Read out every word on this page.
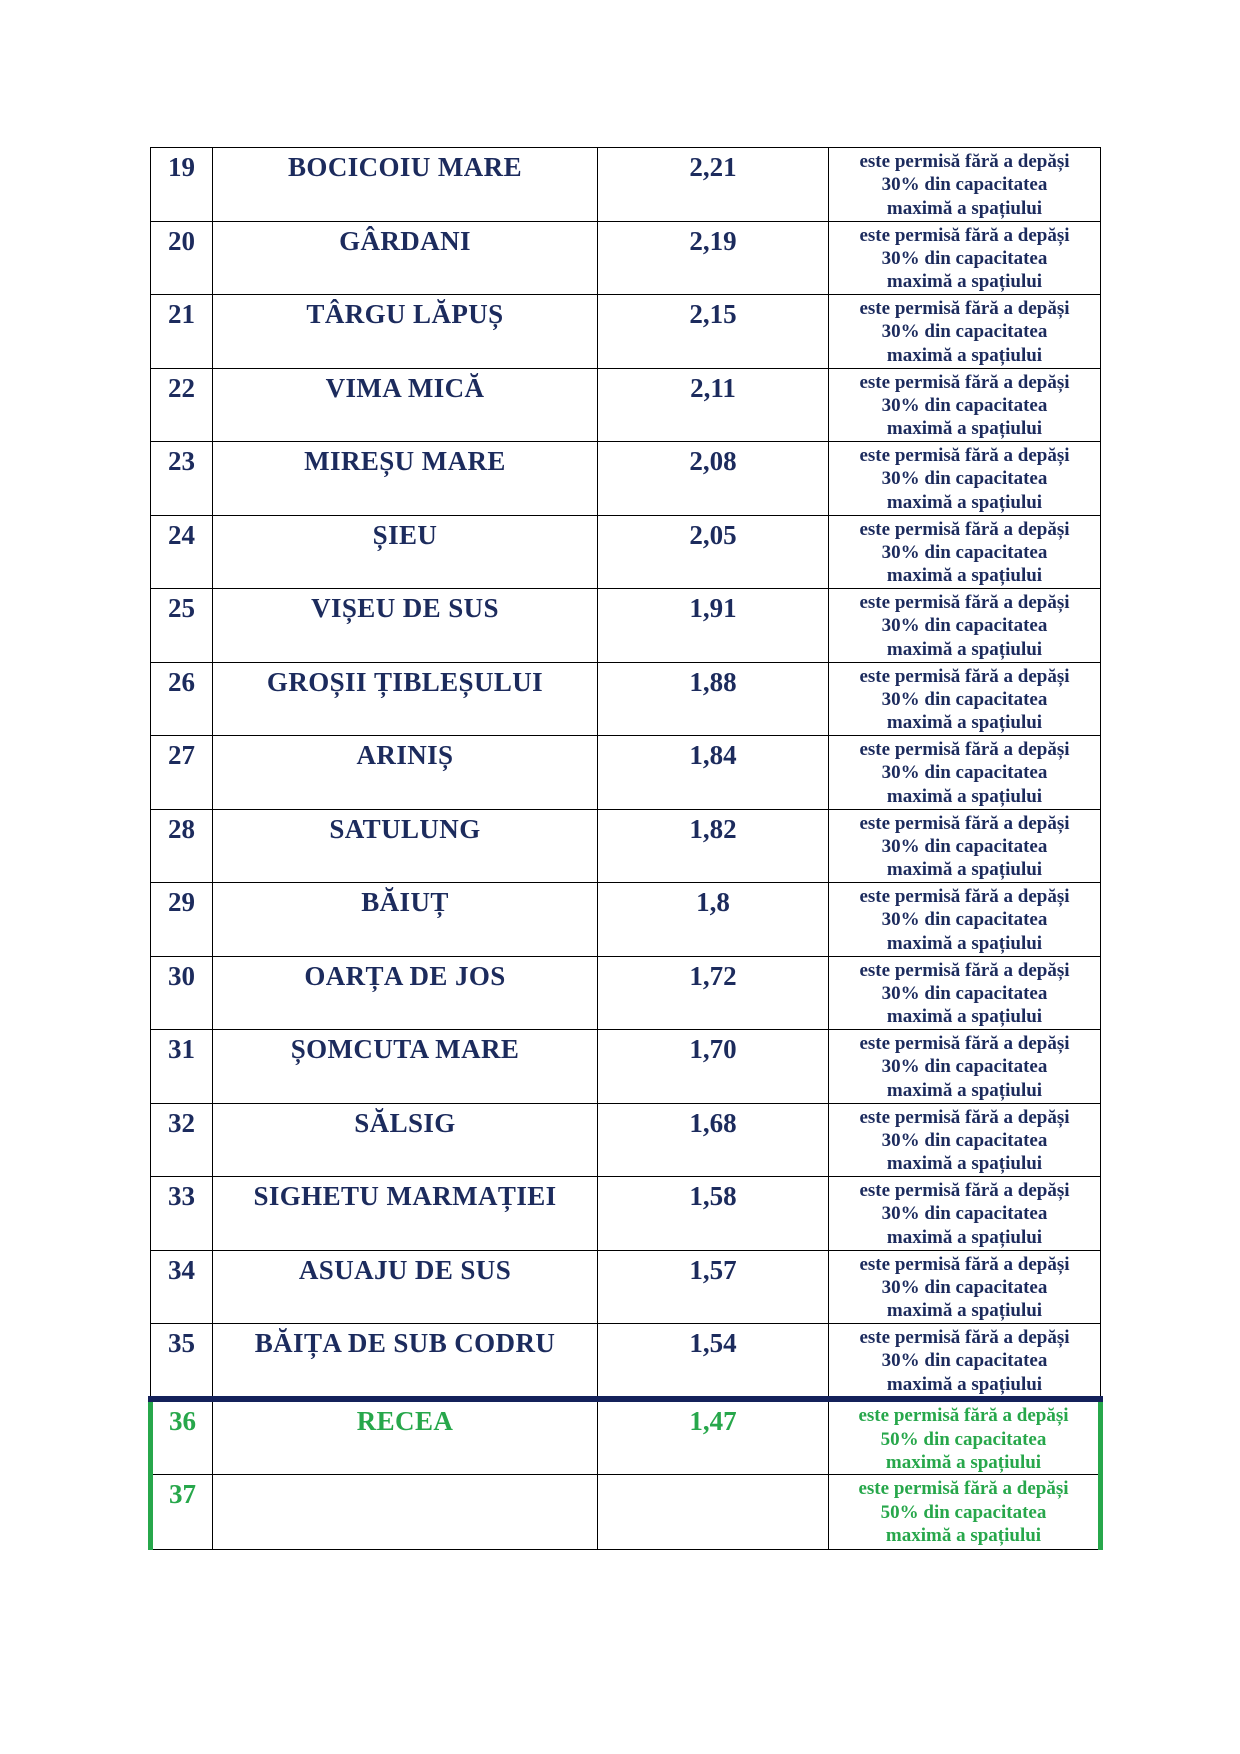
19	BOCICOIU MARE	2,21	este permisă fără a depăși
30% din capacitatea
maximă a spațiului

20	GÂRDANI	2,19	este permisă fără a depăși
30% din capacitatea
maximă a spațiului

21	TÂRGU LĂPUȘ	2,15	este permisă fără a depăși
30% din capacitatea
maximă a spațiului

22	VIMA MICĂ	2,11	este permisă fără a depăși
30% din capacitatea
maximă a spațiului

23	MIREȘU MARE	2,08	este permisă fără a depăși
30% din capacitatea
maximă a spațiului

24	ȘIEU	2,05	este permisă fără a depăși
30% din capacitatea
maximă a spațiului

25	VIȘEU DE SUS	1,91	este permisă fără a depăși
30% din capacitatea
maximă a spațiului

26	GROȘII ȚIBLEȘULUI	1,88	este permisă fără a depăși
30% din capacitatea
maximă a spațiului

27	ARINIȘ	1,84	este permisă fără a depăși
30% din capacitatea
maximă a spațiului

28	SATULUNG	1,82	este permisă fără a depăși
30% din capacitatea
maximă a spațiului

29	BĂIUȚ	1,8	este permisă fără a depăși
30% din capacitatea
maximă a spațiului

30	OARȚA DE JOS	1,72	este permisă fără a depăși
30% din capacitatea
maximă a spațiului

31	ȘOMCUTA MARE	1,70	este permisă fără a depăși
30% din capacitatea
maximă a spațiului

32	SĂLSIG	1,68	este permisă fără a depăși
30% din capacitatea
maximă a spațiului

33	SIGHETU MARMAȚIEI	1,58	este permisă fără a depăși
30% din capacitatea
maximă a spațiului

34	ASUAJU DE SUS	1,57	este permisă fără a depăși
30% din capacitatea
maximă a spațiului

35	BĂIȚA DE SUB CODRU	1,54	este permisă fără a depăși
30% din capacitatea
maximă a spațiului

36	RECEA	1,47	este permisă fără a depăși
50% din capacitatea
maximă a spațiului

37			este permisă fără a depăși
50% din capacitatea
maximă a spațiului
